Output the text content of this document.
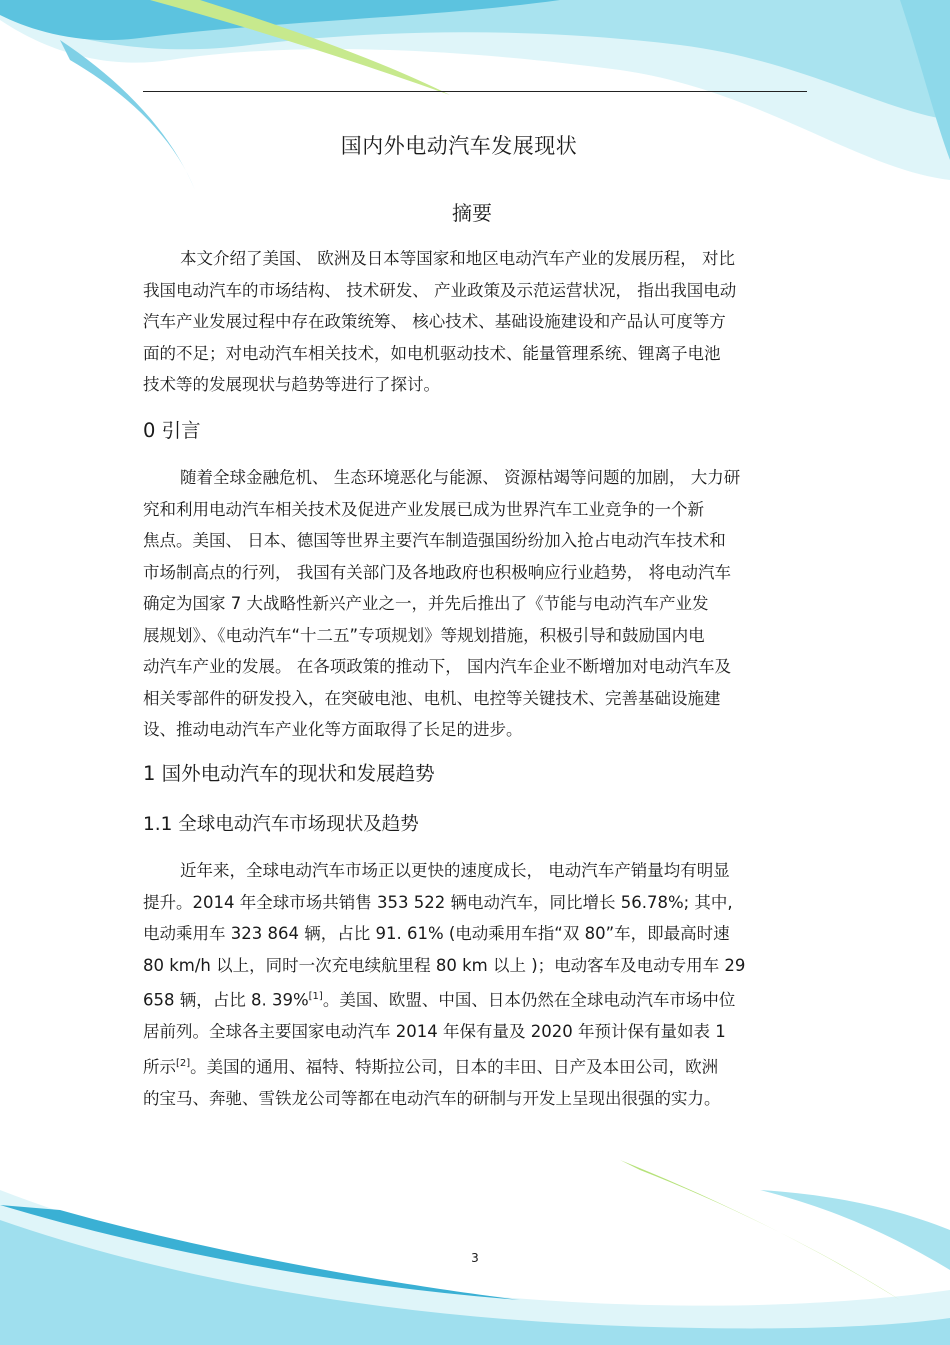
国内外电动汽车发展现状
摘要
本文介绍了美国、 欧洲及日本等国家和地区电动汽车产业的发展历程， 对比
我国电动汽车的市场结构、 技术研发、 产业政策及示范运营状况， 指出我国电动
汽车产业发展过程中存在政策统筹、 核心技术、基础设施建设和产品认可度等方
面的不足；对电动汽车相关技术，如电机驱动技术、能量管理系统、锂离子电池
技术等的发展现状与趋势等进行了探讨。
0 引言
随着全球金融危机、 生态环境恶化与能源、 资源枯竭等问题的加剧， 大力研
究和利用电动汽车相关技术及促进产业发展已成为世界汽车工业竞争的一个新
焦点。美国、 日本、德国等世界主要汽车制造强国纷纷加入抢占电动汽车技术和
市场制高点的行列， 我国有关部门及各地政府也积极响应行业趋势， 将电动汽车
确定为国家 7 大战略性新兴产业之一，并先后推出了《节能与电动汽车产业发
展规划》、《电动汽车“十二五”专项规划》等规划措施，积极引导和鼓励国内电
动汽车产业的发展。 在各项政策的推动下， 国内汽车企业不断增加对电动汽车及
相关零部件的研发投入，在突破电池、电机、电控等关键技术、完善基础设施建
设、推动电动汽车产业化等方面取得了长足的进步。
1 国外电动汽车的现状和发展趋势
1.1 全球电动汽车市场现状及趋势
近年来，全球电动汽车市场正以更快的速度成长， 电动汽车产销量均有明显
提升。2014 年全球市场共销售 353 522 辆电动汽车，同比增长 56.78%; 其中,
电动乘用车 323 864 辆，占比 91. 61% (电动乘用车指“双 80”车，即最高时速
80 km/h 以上，同时一次充电续航里程 80 km 以上 )；电动客车及电动专用车 29
658 辆，占比 8. 39%[1]。美国、欧盟、中国、日本仍然在全球电动汽车市场中位
居前列。全球各主要国家电动汽车 2014 年保有量及 2020 年预计保有量如表 1
所示[2]。美国的通用、福特、特斯拉公司，日本的丰田、日产及本田公司，欧洲
的宝马、奔驰、雪铁龙公司等都在电动汽车的研制与开发上呈现出很强的实力。
3
